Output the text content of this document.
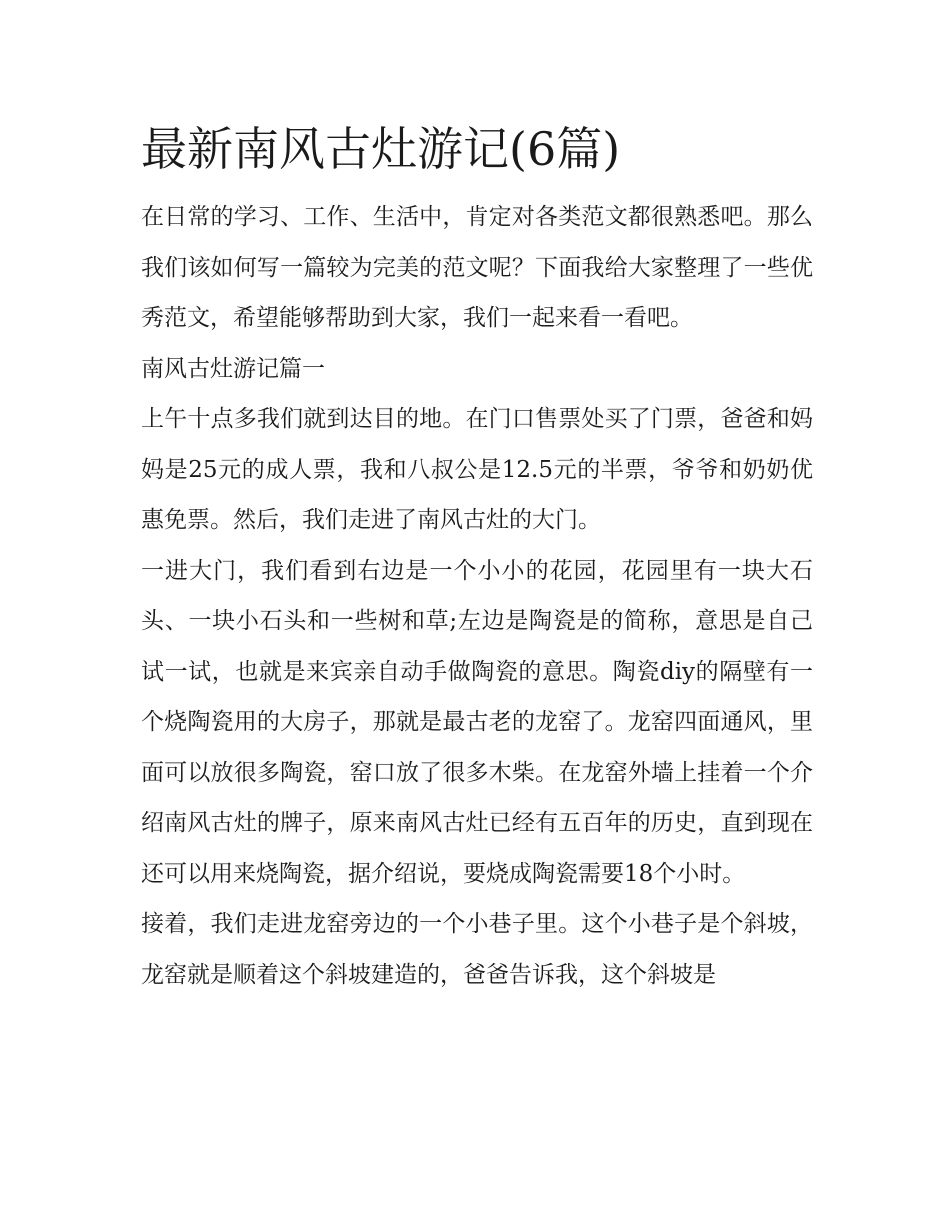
最新南风古灶游记(6篇)

在日常的学习、工作、生活中，肯定对各类范文都很熟悉吧。那么我们该如何写一篇较为完美的范文呢？下面我给大家整理了一些优秀范文，希望能够帮助到大家，我们一起来看一看吧。

南风古灶游记篇一

上午十点多我们就到达目的地。在门口售票处买了门票，爸爸和妈妈是25元的成人票，我和八叔公是12.5元的半票，爷爷和奶奶优惠免票。然后，我们走进了南风古灶的大门。

一进大门，我们看到右边是一个小小的花园，花园里有一块大石头、一块小石头和一些树和草;左边是陶瓷是的简称，意思是自己试一试，也就是来宾亲自动手做陶瓷的意思。陶瓷diy的隔壁有一个烧陶瓷用的大房子，那就是最古老的龙窑了。龙窑四面通风，里面可以放很多陶瓷，窑口放了很多木柴。在龙窑外墙上挂着一个介绍南风古灶的牌子，原来南风古灶已经有五百年的历史，直到现在还可以用来烧陶瓷，据介绍说，要烧成陶瓷需要18个小时。

接着，我们走进龙窑旁边的一个小巷子里。这个小巷子是个斜坡，龙窑就是顺着这个斜坡建造的，爸爸告诉我，这个斜坡是
